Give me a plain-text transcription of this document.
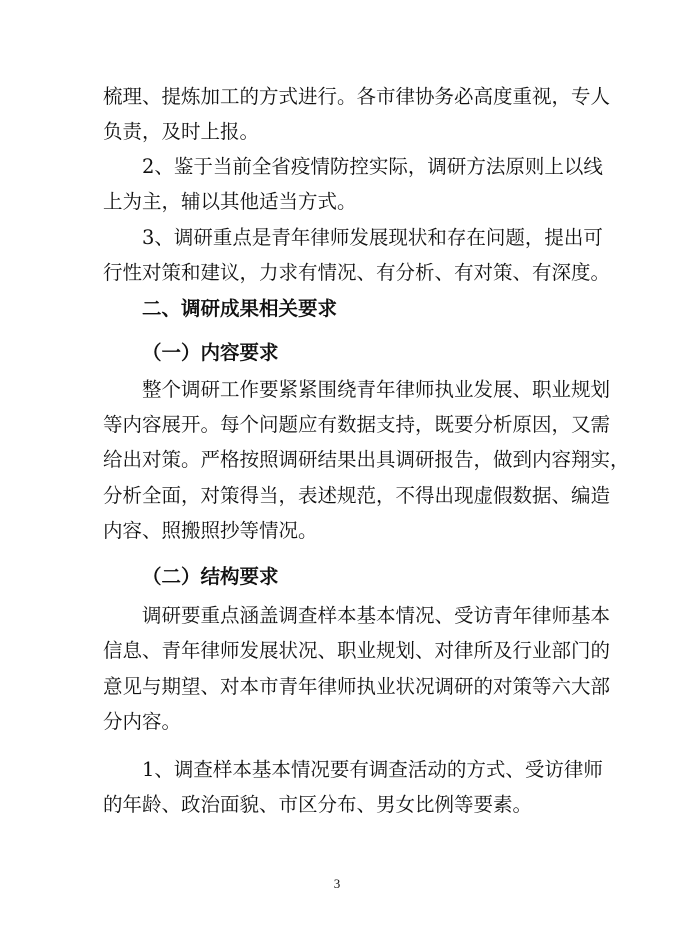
梳理、提炼加工的方式进行。各市律协务必高度重视，专人
负责，及时上报。
2、鉴于当前全省疫情防控实际，调研方法原则上以线
上为主，辅以其他适当方式。
3、调研重点是青年律师发展现状和存在问题，提出可
行性对策和建议，力求有情况、有分析、有对策、有深度。
二、调研成果相关要求
（一）内容要求
整个调研工作要紧紧围绕青年律师执业发展、职业规划
等内容展开。每个问题应有数据支持，既要分析原因，又需
给出对策。严格按照调研结果出具调研报告，做到内容翔实，
分析全面，对策得当，表述规范，不得出现虚假数据、编造
内容、照搬照抄等情况。
（二）结构要求
调研要重点涵盖调查样本基本情况、受访青年律师基本
信息、青年律师发展状况、职业规划、对律所及行业部门的
意见与期望、对本市青年律师执业状况调研的对策等六大部
分内容。
1、调查样本基本情况要有调查活动的方式、受访律师
的年龄、政治面貌、市区分布、男女比例等要素。
3
